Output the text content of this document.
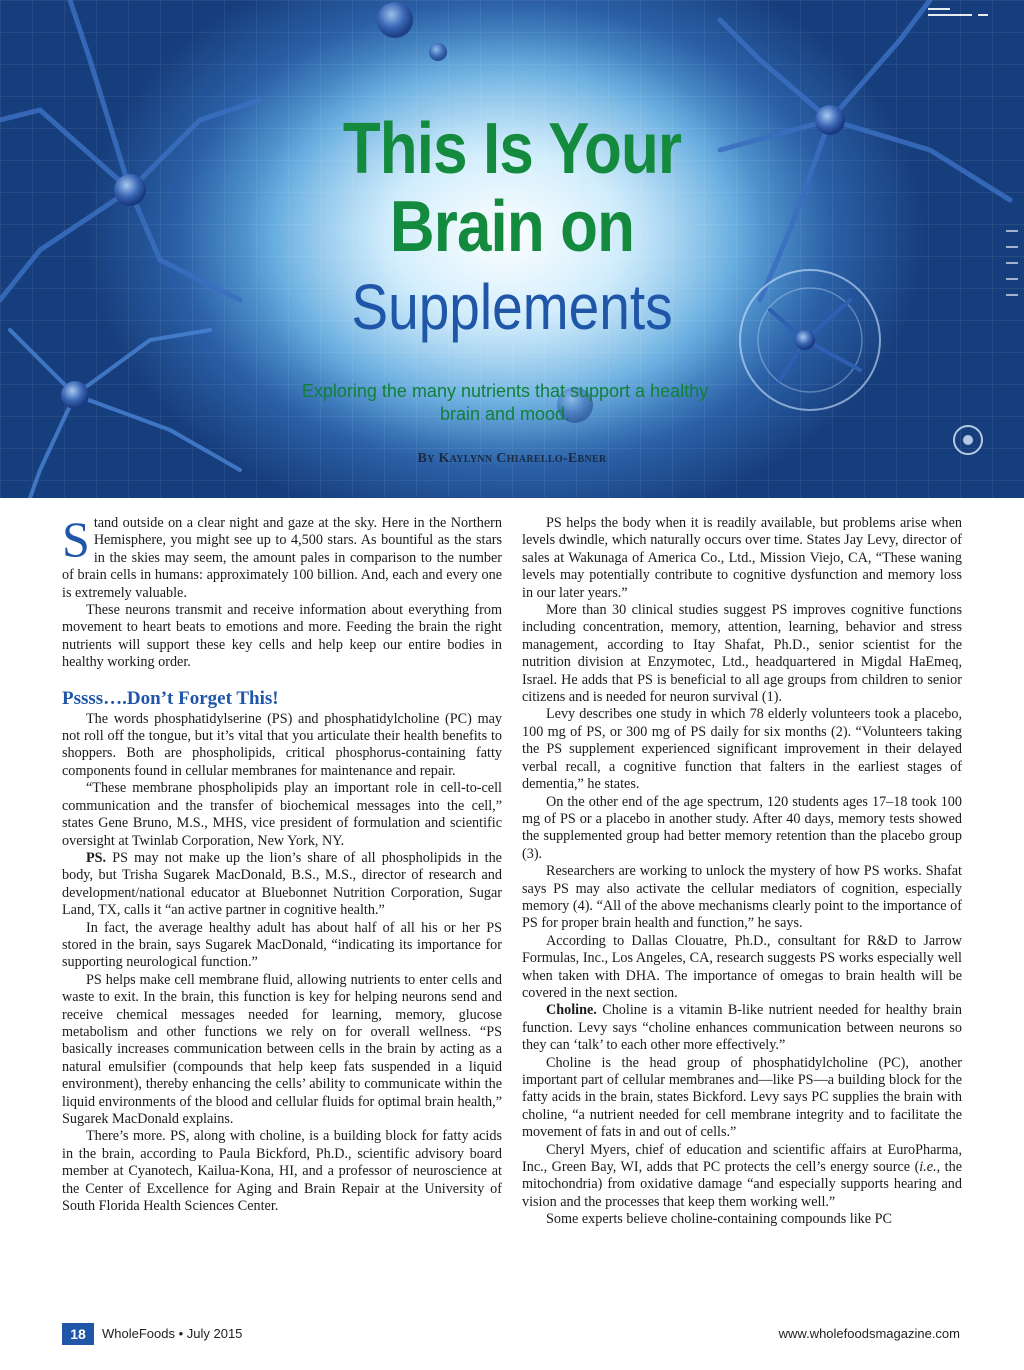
This Is Your
Brain on
Supplements

Exploring the many nutrients that support a healthy brain and mood.

By Kaylynn Chiarello-Ebner

Stand outside on a clear night and gaze at the sky. Here in the Northern Hemisphere, you might see up to 4,500 stars. As bountiful as the stars in the skies may seem, the amount pales in comparison to the number of brain cells in humans: approximately 100 billion. And, each and every one is extremely valuable.

These neurons transmit and receive information about everything from movement to heart beats to emotions and more. Feeding the brain the right nutrients will support these key cells and help keep our entire bodies in healthy working order.

Pssss….Don’t Forget This!

The words phosphatidylserine (PS) and phosphatidylcholine (PC) may not roll off the tongue, but it’s vital that you articulate their health benefits to shoppers. Both are phospholipids, critical phosphorus-containing fatty components found in cellular membranes for maintenance and repair.

“These membrane phospholipids play an important role in cell-to-cell communication and the transfer of biochemical messages into the cell,” states Gene Bruno, M.S., MHS, vice president of formulation and scientific oversight at Twinlab Corporation, New York, NY.

PS. PS may not make up the lion’s share of all phospholipids in the body, but Trisha Sugarek MacDonald, B.S., M.S., director of research and development/national educator at Bluebonnet Nutrition Corporation, Sugar Land, TX, calls it “an active partner in cognitive health.”

In fact, the average healthy adult has about half of all his or her PS stored in the brain, says Sugarek MacDonald, “indicating its importance for supporting neurological function.”

PS helps make cell membrane fluid, allowing nutrients to enter cells and waste to exit. In the brain, this function is key for helping neurons send and receive chemical messages needed for learning, memory, glucose metabolism and other functions we rely on for overall wellness. “PS basically increases communication between cells in the brain by acting as a natural emulsifier (compounds that help keep fats suspended in a liquid environment), thereby enhancing the cells’ ability to communicate within the liquid environments of the blood and cellular fluids for optimal brain health,” Sugarek MacDonald explains.

There’s more. PS, along with choline, is a building block for fatty acids in the brain, according to Paula Bickford, Ph.D., scientific advisory board member at Cyanotech, Kailua-Kona, HI, and a professor of neuroscience at the Center of Excellence for Aging and Brain Repair at the University of South Florida Health Sciences Center.

PS helps the body when it is readily available, but problems arise when levels dwindle, which naturally occurs over time. States Jay Levy, director of sales at Wakunaga of America Co., Ltd., Mission Viejo, CA, “These waning levels may potentially contribute to cognitive dysfunction and memory loss in our later years.”

More than 30 clinical studies suggest PS improves cognitive functions including concentration, memory, attention, learning, behavior and stress management, according to Itay Shafat, Ph.D., senior scientist for the nutrition division at Enzymotec, Ltd., headquartered in Migdal HaEmeq, Israel. He adds that PS is beneficial to all age groups from children to senior citizens and is needed for neuron survival (1).

Levy describes one study in which 78 elderly volunteers took a placebo, 100 mg of PS, or 300 mg of PS daily for six months (2). “Volunteers taking the PS supplement experienced significant improvement in their delayed verbal recall, a cognitive function that falters in the earliest stages of dementia,” he states.

On the other end of the age spectrum, 120 students ages 17–18 took 100 mg of PS or a placebo in another study. After 40 days, memory tests showed the supplemented group had better memory retention than the placebo group (3).

Researchers are working to unlock the mystery of how PS works. Shafat says PS may also activate the cellular mediators of cognition, especially memory (4). “All of the above mechanisms clearly point to the importance of PS for proper brain health and function,” he says.

According to Dallas Clouatre, Ph.D., consultant for R&D to Jarrow Formulas, Inc., Los Angeles, CA, research suggests PS works especially well when taken with DHA. The importance of omegas to brain health will be covered in the next section.

Choline. Choline is a vitamin B-like nutrient needed for healthy brain function. Levy says “choline enhances communication between neurons so they can ‘talk’ to each other more effectively.”

Choline is the head group of phosphatidylcholine (PC), another important part of cellular membranes and—like PS—a building block for the fatty acids in the brain, states Bickford. Levy says PC supplies the brain with choline, “a nutrient needed for cell membrane integrity and to facilitate the movement of fats in and out of cells.”

Cheryl Myers, chief of education and scientific affairs at EuroPharma, Inc., Green Bay, WI, adds that PC protects the cell’s energy source (i.e., the mitochondria) from oxidative damage “and especially supports hearing and vision and the processes that keep them working well.”

Some experts believe choline-containing compounds like PC

18	WholeFoods • July 2015	www.wholefoodsmagazine.com
